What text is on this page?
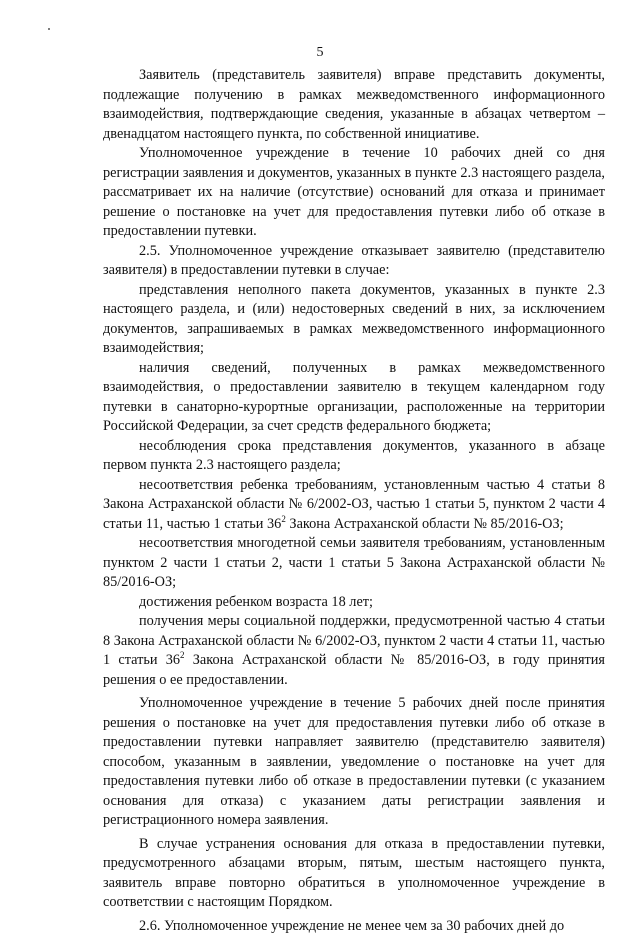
5

Заявитель (представитель заявителя) вправе представить документы, подлежащие получению в рамках межведомственного информационного взаимодействия, подтверждающие сведения, указанные в абзацах четвертом – двенадцатом настоящего пункта, по собственной инициативе.

Уполномоченное учреждение в течение 10 рабочих дней со дня регистрации заявления и документов, указанных в пункте 2.3 настоящего раздела, рассматривает их на наличие (отсутствие) оснований для отказа и принимает решение о постановке на учет для предоставления путевки либо об отказе в предоставлении путевки.

2.5. Уполномоченное учреждение отказывает заявителю (представителю заявителя) в предоставлении путевки в случае:

представления неполного пакета документов, указанных в пункте 2.3 настоящего раздела, и (или) недостоверных сведений в них, за исключением документов, запрашиваемых в рамках межведомственного информационного взаимодействия;

наличия сведений, полученных в рамках межведомственного взаимодействия, о предоставлении заявителю в текущем календарном году путевки в санаторно-курортные организации, расположенные на территории Российской Федерации, за счет средств федерального бюджета;

несоблюдения срока представления документов, указанного в абзаце первом пункта 2.3 настоящего раздела;

несоответствия ребенка требованиям, установленным частью 4 статьи 8 Закона Астраханской области № 6/2002-ОЗ, частью 1 статьи 5, пунктом 2 части 4 статьи 11, частью 1 статьи $36^2$ Закона Астраханской области № 85/2016-ОЗ;

несоответствия многодетной семьи заявителя требованиям, установленным пунктом 2 части 1 статьи 2, части 1 статьи 5 Закона Астраханской области № 85/2016-ОЗ;

достижения ребенком возраста 18 лет;

получения меры социальной поддержки, предусмотренной частью 4 статьи 8 Закона Астраханской области № 6/2002-ОЗ, пунктом 2 части 4 статьи 11, частью 1 статьи $36^2$ Закона Астраханской области № 85/2016-ОЗ, в году принятия решения о ее предоставлении.

Уполномоченное учреждение в течение 5 рабочих дней после принятия решения о постановке на учет для предоставления путевки либо об отказе в предоставлении путевки направляет заявителю (представителю заявителя) способом, указанным в заявлении, уведомление о постановке на учет для предоставления путевки либо об отказе в предоставлении путевки (с указанием основания для отказа) с указанием даты регистрации заявления и регистрационного номера заявления.

В случае устранения основания для отказа в предоставлении путевки, предусмотренного абзацами вторым, пятым, шестым настоящего пункта, заявитель вправе повторно обратиться в уполномоченное учреждение в соответствии с настоящим Порядком.

2.6. Уполномоченное учреждение не менее чем за 30 рабочих дней до
